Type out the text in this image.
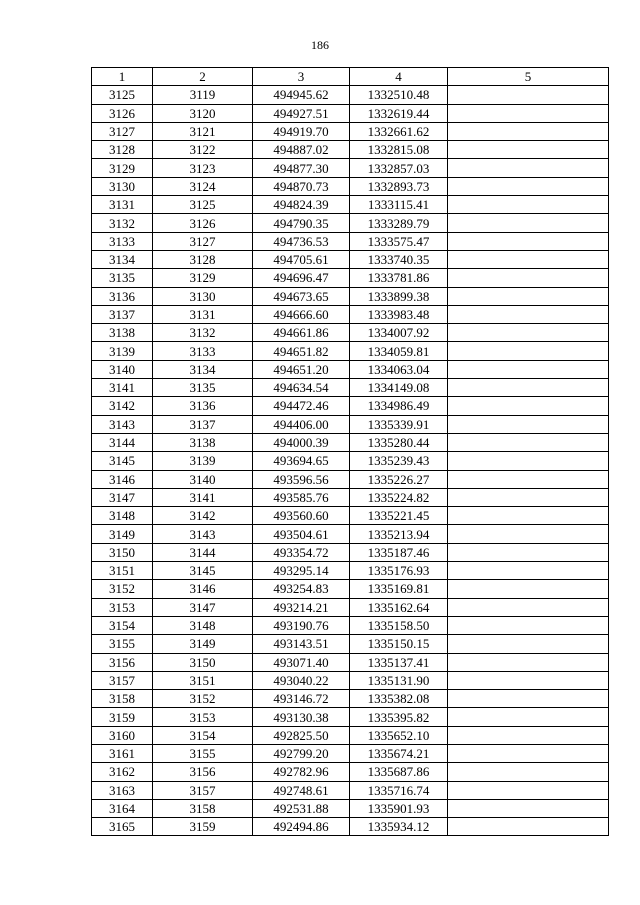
186
1	2	3	4	5
3125	3119	494945.62	1332510.48	
3126	3120	494927.51	1332619.44	
3127	3121	494919.70	1332661.62	
3128	3122	494887.02	1332815.08	
3129	3123	494877.30	1332857.03	
3130	3124	494870.73	1332893.73	
3131	3125	494824.39	1333115.41	
3132	3126	494790.35	1333289.79	
3133	3127	494736.53	1333575.47	
3134	3128	494705.61	1333740.35	
3135	3129	494696.47	1333781.86	
3136	3130	494673.65	1333899.38	
3137	3131	494666.60	1333983.48	
3138	3132	494661.86	1334007.92	
3139	3133	494651.82	1334059.81	
3140	3134	494651.20	1334063.04	
3141	3135	494634.54	1334149.08	
3142	3136	494472.46	1334986.49	
3143	3137	494406.00	1335339.91	
3144	3138	494000.39	1335280.44	
3145	3139	493694.65	1335239.43	
3146	3140	493596.56	1335226.27	
3147	3141	493585.76	1335224.82	
3148	3142	493560.60	1335221.45	
3149	3143	493504.61	1335213.94	
3150	3144	493354.72	1335187.46	
3151	3145	493295.14	1335176.93	
3152	3146	493254.83	1335169.81	
3153	3147	493214.21	1335162.64	
3154	3148	493190.76	1335158.50	
3155	3149	493143.51	1335150.15	
3156	3150	493071.40	1335137.41	
3157	3151	493040.22	1335131.90	
3158	3152	493146.72	1335382.08	
3159	3153	493130.38	1335395.82	
3160	3154	492825.50	1335652.10	
3161	3155	492799.20	1335674.21	
3162	3156	492782.96	1335687.86	
3163	3157	492748.61	1335716.74	
3164	3158	492531.88	1335901.93	
3165	3159	492494.86	1335934.12	
